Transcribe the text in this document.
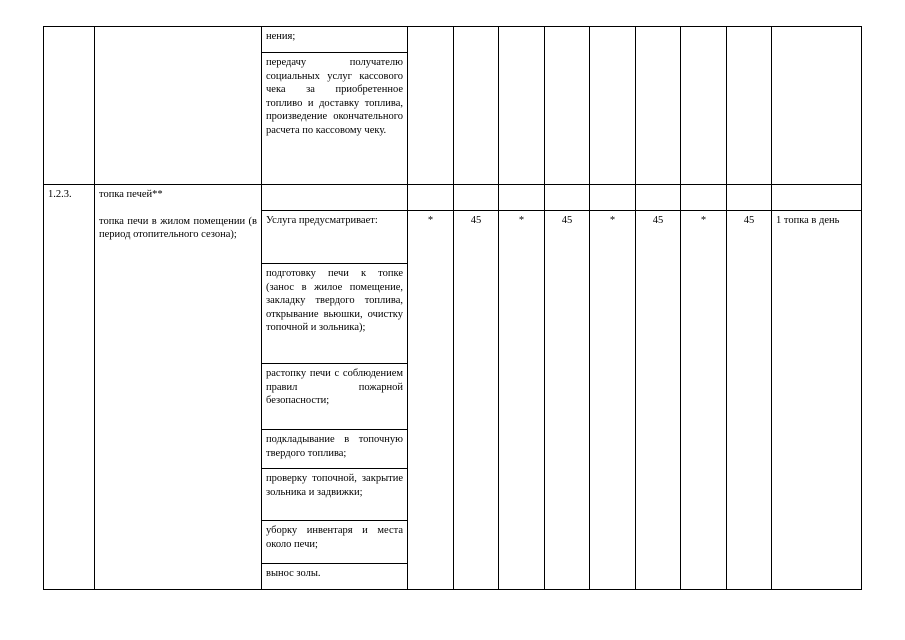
		нения;									
		передачу получателю социальных услуг кассового чека за приобретенное топливо и доставку топлива, произведение окончательного расчета по кассовому чеку.									
1.2.3.	топка печей**
топка печи в жилом помещении (в период отопительного сезона);										

		Услуга предусматривает:	*	45	*	45	*	45	*	45	1 топка в день
		подготовку печи к топке (занос в жилое помещение, закладку твердого топлива, открывание вьюшки, очистку топочной и зольника);									
		растопку печи с соблюдением правил пожарной безопасности;									
		подкладывание в топочную твердого топлива;									
		проверку топочной, закрытие зольника и задвижки;									
		уборку инвентаря и места около печи;									
		вынос золы.									
